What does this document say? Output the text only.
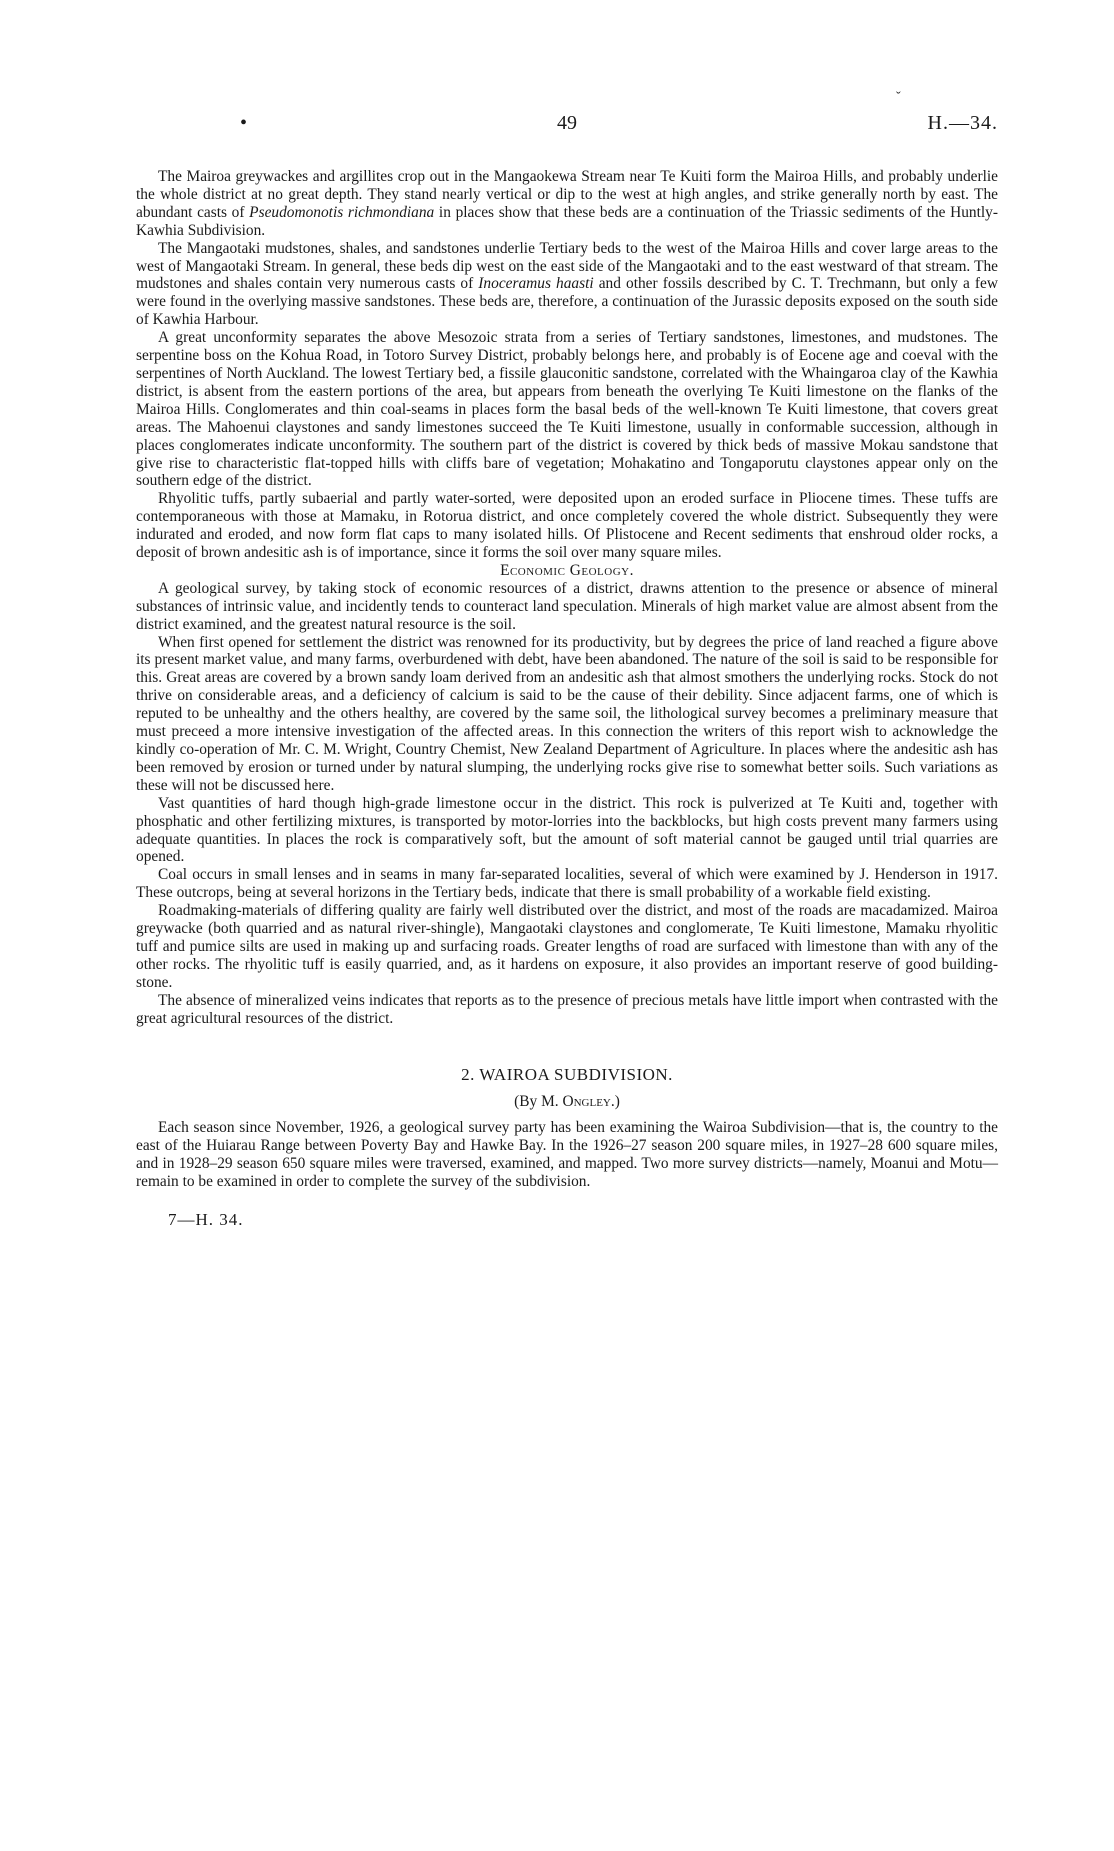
ˇ
•	49	H.—34.

The Mairoa greywackes and argillites crop out in the Mangaokewa Stream near Te Kuiti form the Mairoa Hills, and probably underlie the whole district at no great depth. They stand nearly vertical or dip to the west at high angles, and strike generally north by east. The abundant casts of Pseudomonotis richmondiana in places show that these beds are a continuation of the Triassic sediments of the Huntly-Kawhia Subdivision.

The Mangaotaki mudstones, shales, and sandstones underlie Tertiary beds to the west of the Mairoa Hills and cover large areas to the west of Mangaotaki Stream. In general, these beds dip west on the east side of the Mangaotaki and to the east westward of that stream. The mudstones and shales contain very numerous casts of Inoceramus haasti and other fossils described by C. T. Trechmann, but only a few were found in the overlying massive sandstones. These beds are, therefore, a continuation of the Jurassic deposits exposed on the south side of Kawhia Harbour.

A great unconformity separates the above Mesozoic strata from a series of Tertiary sandstones, limestones, and mudstones. The serpentine boss on the Kohua Road, in Totoro Survey District, probably belongs here, and probably is of Eocene age and coeval with the serpentines of North Auckland. The lowest Tertiary bed, a fissile glauconitic sandstone, correlated with the Whaingaroa clay of the Kawhia district, is absent from the eastern portions of the area, but appears from beneath the overlying Te Kuiti limestone on the flanks of the Mairoa Hills. Conglomerates and thin coal-seams in places form the basal beds of the well-known Te Kuiti limestone, that covers great areas. The Mahoenui claystones and sandy limestones succeed the Te Kuiti limestone, usually in conformable succession, although in places conglomerates indicate unconformity. The southern part of the district is covered by thick beds of massive Mokau sandstone that give rise to characteristic flat-topped hills with cliffs bare of vegetation; Mohakatino and Tongaporutu claystones appear only on the southern edge of the district.

Rhyolitic tuffs, partly subaerial and partly water-sorted, were deposited upon an eroded surface in Pliocene times. These tuffs are contemporaneous with those at Mamaku, in Rotorua district, and once completely covered the whole district. Subsequently they were indurated and eroded, and now form flat caps to many isolated hills. Of Plistocene and Recent sediments that enshroud older rocks, a deposit of brown andesitic ash is of importance, since it forms the soil over many square miles.

Economic Geology.

A geological survey, by taking stock of economic resources of a district, drawns attention to the presence or absence of mineral substances of intrinsic value, and incidently tends to counteract land speculation. Minerals of high market value are almost absent from the district examined, and the greatest natural resource is the soil.

When first opened for settlement the district was renowned for its productivity, but by degrees the price of land reached a figure above its present market value, and many farms, overburdened with debt, have been abandoned. The nature of the soil is said to be responsible for this. Great areas are covered by a brown sandy loam derived from an andesitic ash that almost smothers the underlying rocks. Stock do not thrive on considerable areas, and a deficiency of calcium is said to be the cause of their debility. Since adjacent farms, one of which is reputed to be unhealthy and the others healthy, are covered by the same soil, the lithological survey becomes a preliminary measure that must preceed a more intensive investigation of the affected areas. In this connection the writers of this report wish to acknowledge the kindly co-operation of Mr. C. M. Wright, Country Chemist, New Zealand Department of Agriculture. In places where the andesitic ash has been removed by erosion or turned under by natural slumping, the underlying rocks give rise to somewhat better soils. Such variations as these will not be discussed here.

Vast quantities of hard though high-grade limestone occur in the district. This rock is pulverized at Te Kuiti and, together with phosphatic and other fertilizing mixtures, is transported by motor-lorries into the backblocks, but high costs prevent many farmers using adequate quantities. In places the rock is comparatively soft, but the amount of soft material cannot be gauged until trial quarries are opened.

Coal occurs in small lenses and in seams in many far-separated localities, several of which were examined by J. Henderson in 1917. These outcrops, being at several horizons in the Tertiary beds, indicate that there is small probability of a workable field existing.

Roadmaking-materials of differing quality are fairly well distributed over the district, and most of the roads are macadamized. Mairoa greywacke (both quarried and as natural river-shingle), Mangaotaki claystones and conglomerate, Te Kuiti limestone, Mamaku rhyolitic tuff and pumice silts are used in making up and surfacing roads. Greater lengths of road are surfaced with limestone than with any of the other rocks. The rhyolitic tuff is easily quarried, and, as it hardens on exposure, it also provides an important reserve of good building-stone.

The absence of mineralized veins indicates that reports as to the presence of precious metals have little import when contrasted with the great agricultural resources of the district.

2. WAIROA SUBDIVISION.
(By M. Ongley.)

Each season since November, 1926, a geological survey party has been examining the Wairoa Subdivision—that is, the country to the east of the Huiarau Range between Poverty Bay and Hawke Bay. In the 1926–27 season 200 square miles, in 1927–28 600 square miles, and in 1928–29 season 650 square miles were traversed, examined, and mapped. Two more survey districts—namely, Moanui and Motu—remain to be examined in order to complete the survey of the subdivision.

7—H. 34.
